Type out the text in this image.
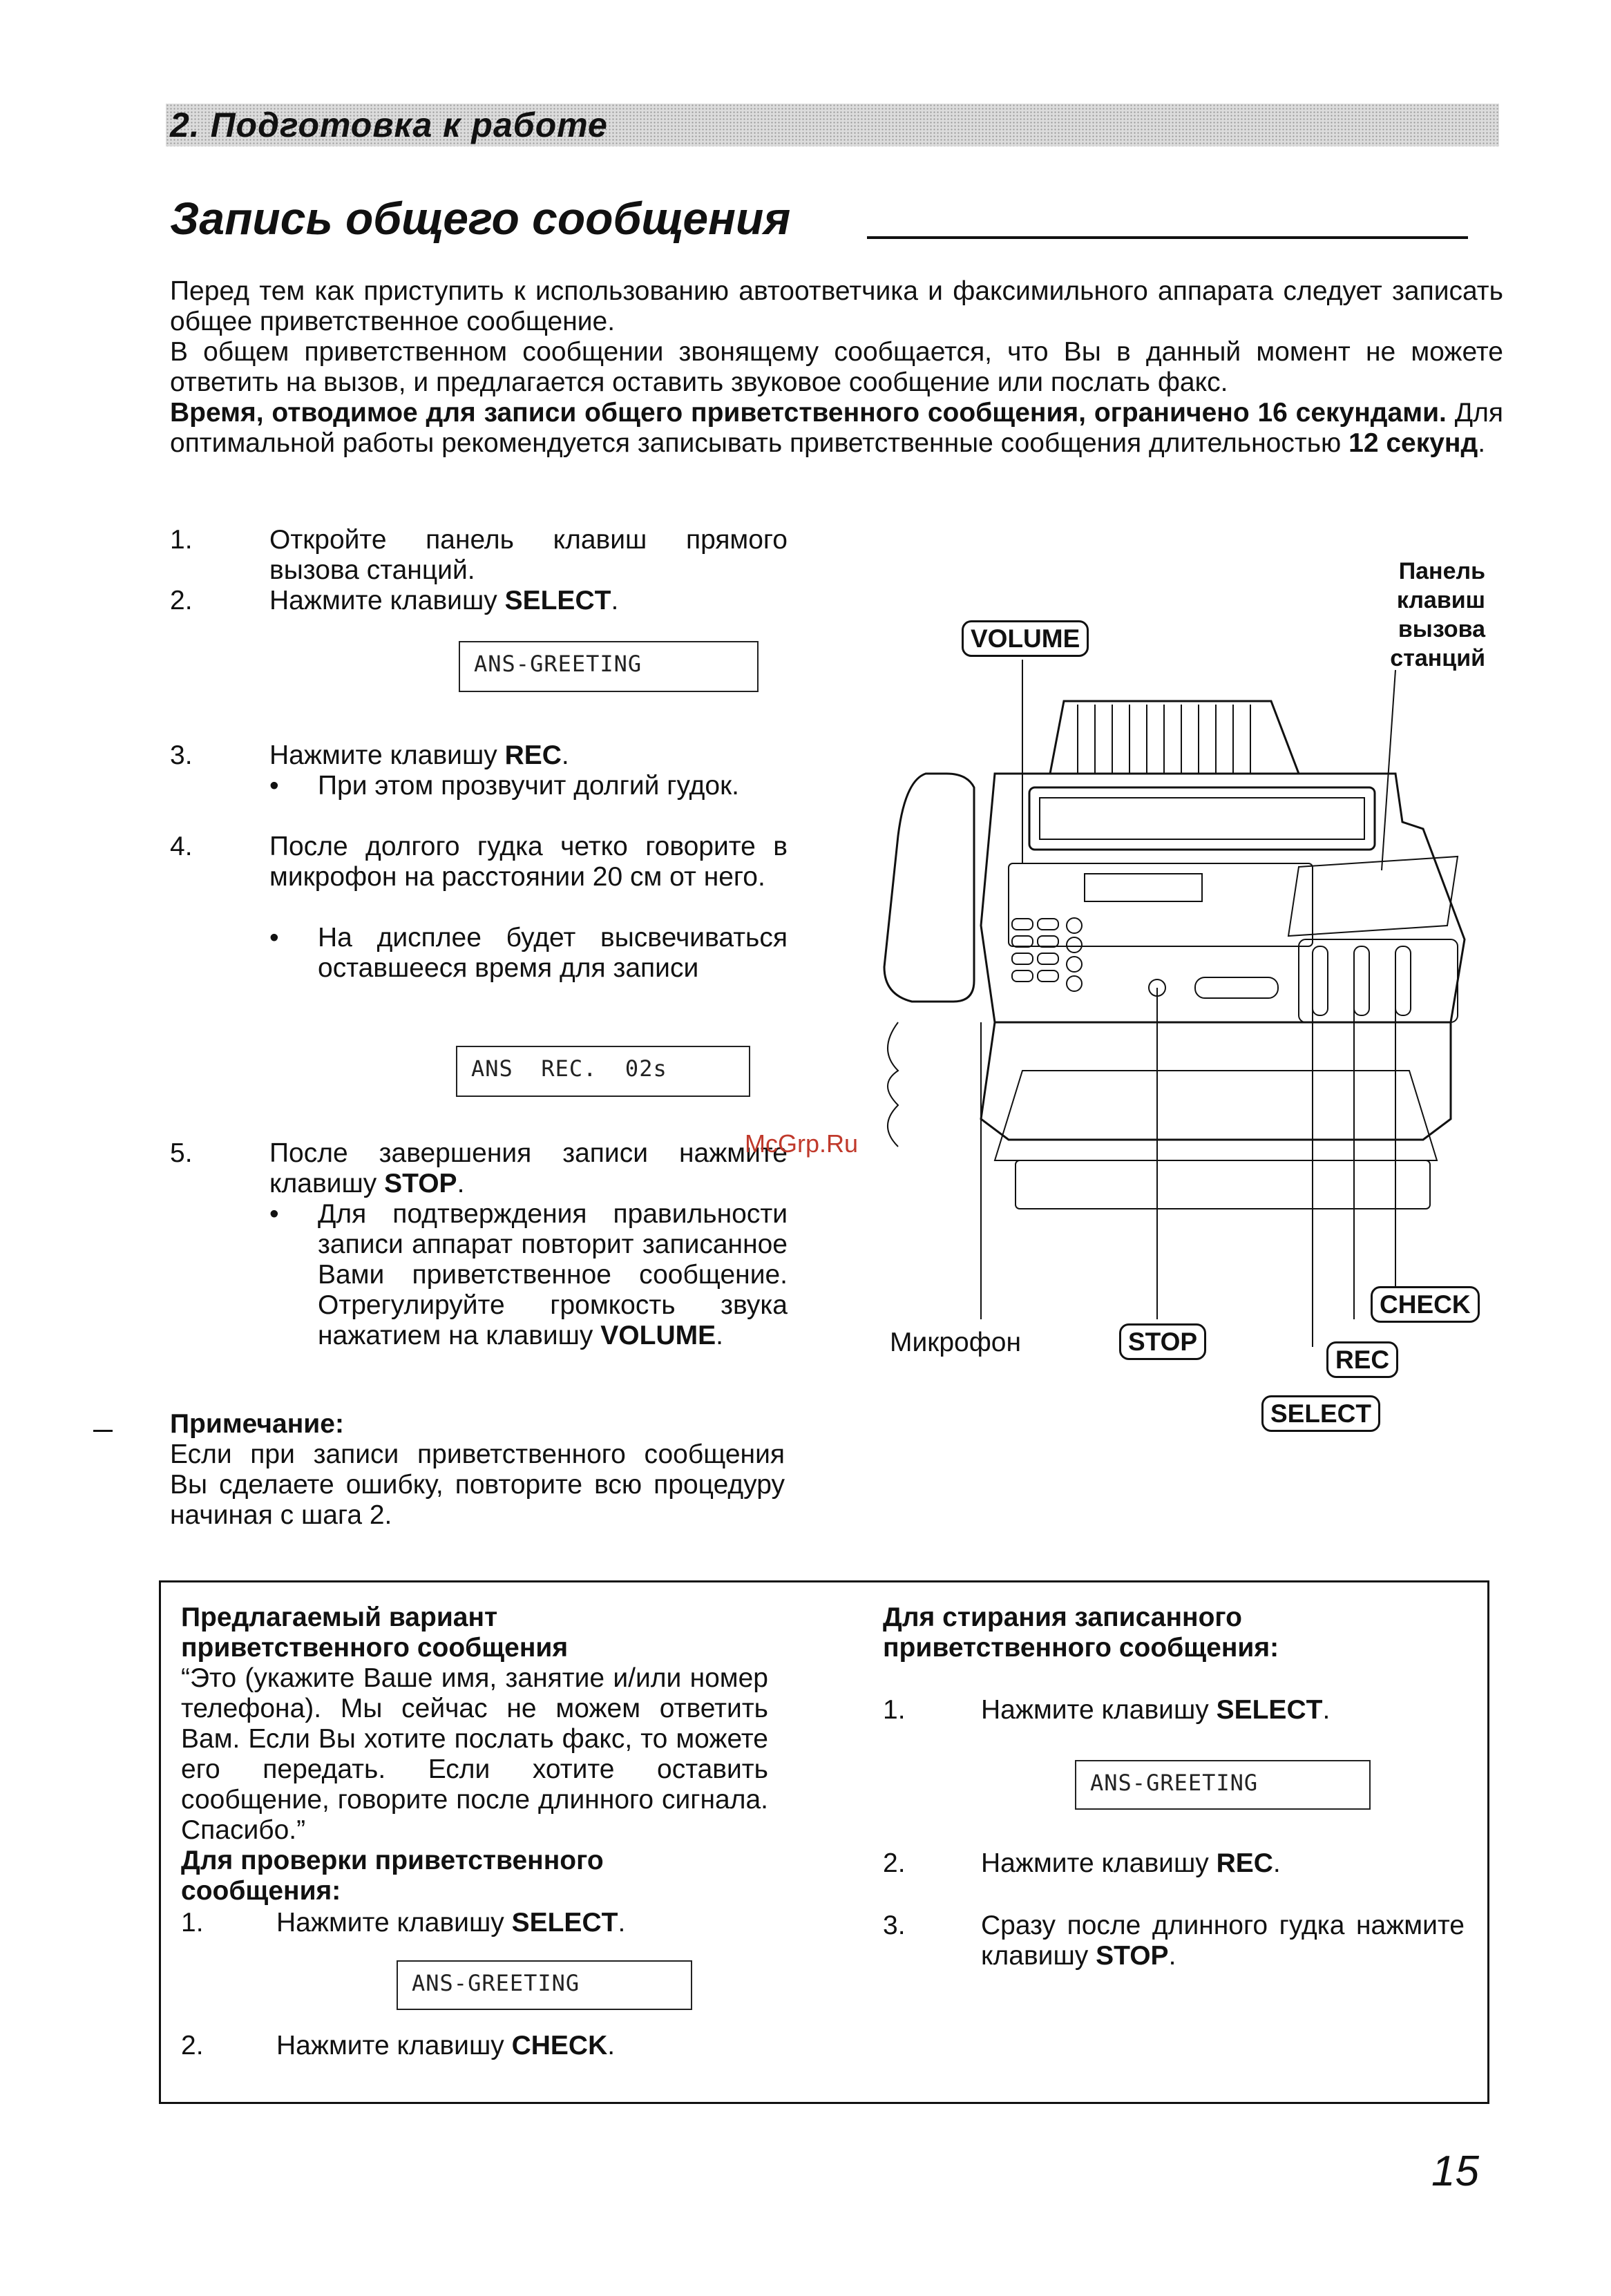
2. Подготовка к работе
Запись общего сообщения
Перед тем как приступить к использованию автоответчика и факсимильного аппарата следует записать общее приветственное сообщение.
В общем приветственном сообщении звонящему сообщается, что Вы в данный момент не можете ответить на вызов, и предлагается оставить звуковое сообщение или послать факс.
Время, отводимое для записи общего приветственного сообщения, ограничено 16 секундами. Для оптимальной работы рекомендуется записывать приветственные сообщения длительностью 12 секунд.
1.	Откройте панель клавиш прямого вызова станций.
2.	Нажмите клавишу SELECT.
ANS-GREETING
3.	Нажмите клавишу REC.
• При этом прозвучит долгий гудок.
4.	После долгого гудка четко говорите в микрофон на расстоянии 20 см от него.
• На дисплее будет высвечиваться оставшееся время для записи
ANS  REC.  02s
5.	После завершения записи нажмите клавишу STOP.
• Для подтверждения правильности записи аппарат повторит записанное Вами приветственное сообщение. Отрегулируйте громкость звука нажатием на клавишу VOLUME.
Примечание:
Если при записи приветственного сообщения Вы сделаете ошибку, повторите всю процедуру начиная с шага 2.
VOLUME
Панель
клавиш
вызова
станций
CHECK
STOP
REC
SELECT
Микрофон
McGrp.Ru
Предлагаемый вариант приветственного сообщения
“Это (укажите Ваше имя, занятие и/или номер телефона). Мы сейчас не можем ответить Вам. Если Вы хотите послать факс, то можете его передать. Если хотите оставить сообщение, говорите после длинного сигнала. Спасибо.”
Для проверки приветственного сообщения:
1.	Нажмите клавишу SELECT.
ANS-GREETING
2.	Нажмите клавишу CHECK.
Для стирания записанного приветственного сообщения:
1.	Нажмите клавишу SELECT.
ANS-GREETING
2.	Нажмите клавишу REC.
3.	Сразу после длинного гудка нажмите клавишу STOP.
15
